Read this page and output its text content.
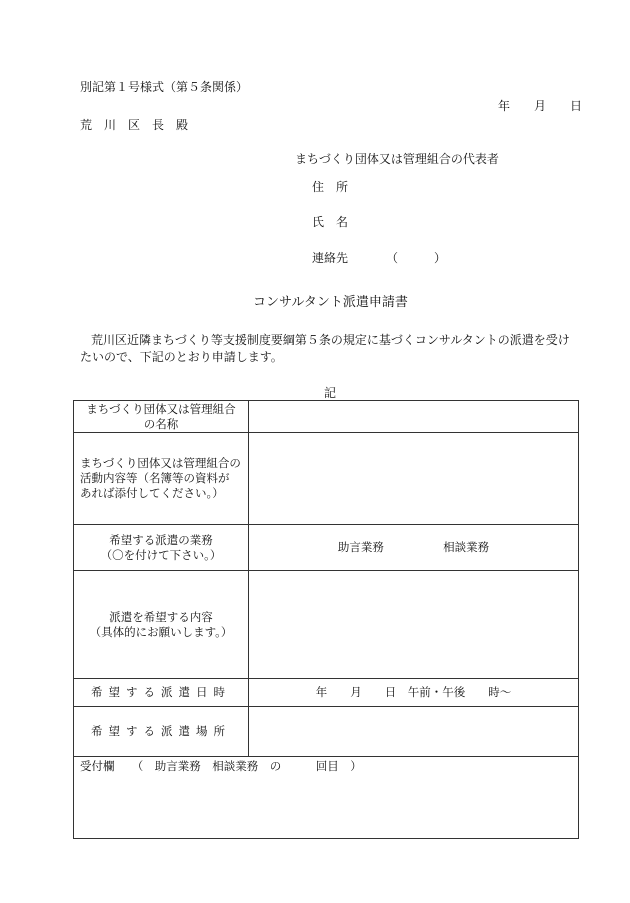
別記第１号様式（第５条関係）
年　　月　　日
荒　川　区　長　殿
まちづくり団体又は管理組合の代表者
住　所
氏　名
連絡先	（　　　）
コンサルタント派遣申請書
荒川区近隣まちづくり等支援制度要綱第５条の規定に基づくコンサルタントの派遣を受け
たいので、下記のとおり申請します。
記
まちづくり団体又は管理組合
の名称	

まちづくり団体又は管理組合の
活動内容等（名簿等の資料が
あれば添付してください。）	

希望する派遣の業務
（〇を付けて下さい。）	助言業務 相談業務

派遣を希望する内容
（具体的にお願いします。）	

希望する派遣日時	年　　月　　日　午前・午後　　時～
希望する派遣場所	
受付欄　　（　助言業務　相談業務　の　　　回目　）	
